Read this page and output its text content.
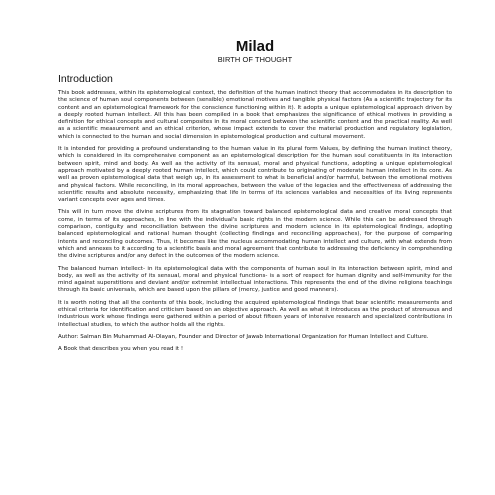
Milad
BIRTH OF THOUGHT
Introduction

This book addresses, within its epistemological context, the definition of the human instinct theory that accommodates in its description to the science of human soul components between (sensible) emotional motives and tangible physical factors (As a scientific trajectory for its content and an epistemological framework for the conscience functioning within it). It adopts a unique epistemological approach driven by a deeply rooted human intellect. All this has been compiled in a book that emphasizes the significance of ethical motives in providing a definition for ethical concepts and cultural composites in its moral concord between the scientific content and the practical reality. As well as a scientific measurement and an ethical criterion, whose impact extends to cover the material production and regulatory legislation, which is connected to the human and social dimension in epistemological production and cultural movement.

It is intended for providing a profound understanding to the human value in its plural form Values, by defining the human instinct theory, which is considered in its comprehensive component as an epistemological description for the human soul constituents in its interaction between spirit, mind and body. As well as the activity of its sensual, moral and physical functions, adopting a unique epistemological approach motivated by a deeply rooted human intellect, which could contribute to originating of moderate human intellect in its core. As well as proven epistemological data that weigh up, in its assessment to what is beneficial and/or harmful, between the emotional motives and physical factors. While reconciling, in its moral approaches, between the value of the legacies and the effectiveness of addressing the scientific results and absolute necessity, emphasizing that life in terms of its sciences variables and necessities of its living represents variant concepts over ages and times.

This will in turn move the divine scriptures from its stagnation toward balanced epistemological data and creative moral concepts that come, in terms of its approaches, in line with the individual's basic rights in the modern science. While this can be addressed through comparison, contiguity and reconciliation between the divine scriptures and modern science in its epistemological findings, adopting balanced epistemological and rational human thought (collecting findings and reconciling approaches), for the purpose of comparing intents and reconciling outcomes. Thus, it becomes like the nucleus accommodating human intellect and culture, with what extends from which and annexes to it according to a scientific basis and moral agreement that contribute to addressing the deficiency in comprehending the divine scriptures and/or any defect in the outcomes of the modern science.

The balanced human intellect- in its epistemological data with the components of human soul in its interaction between spirit, mind and body, as well as the activity of its sensual, moral and physical functions- is a sort of respect for human dignity and self-immunity for the mind against superstitions and deviant and/or extremist intellectual interactions. This represents the end of the divine religions teachings through its basic universals, which are based upon the pillars of (mercy, justice and good manners).

It is worth noting that all the contents of this book, including the acquired epistemological findings that bear scientific measurements and ethical criteria for identification and criticism based on an objective approach. As well as what it introduces as the product of strenuous and industrious work whose findings were gathered within a period of about fifteen years of intensive research and specialized contributions in intellectual studies, to which the author holds all the rights.

Author: Salman Bin Muhammad Al-Olayan, Founder and Director of Jawab International Organization for Human Intellect and Culture.

A Book that describes you when you read it !
